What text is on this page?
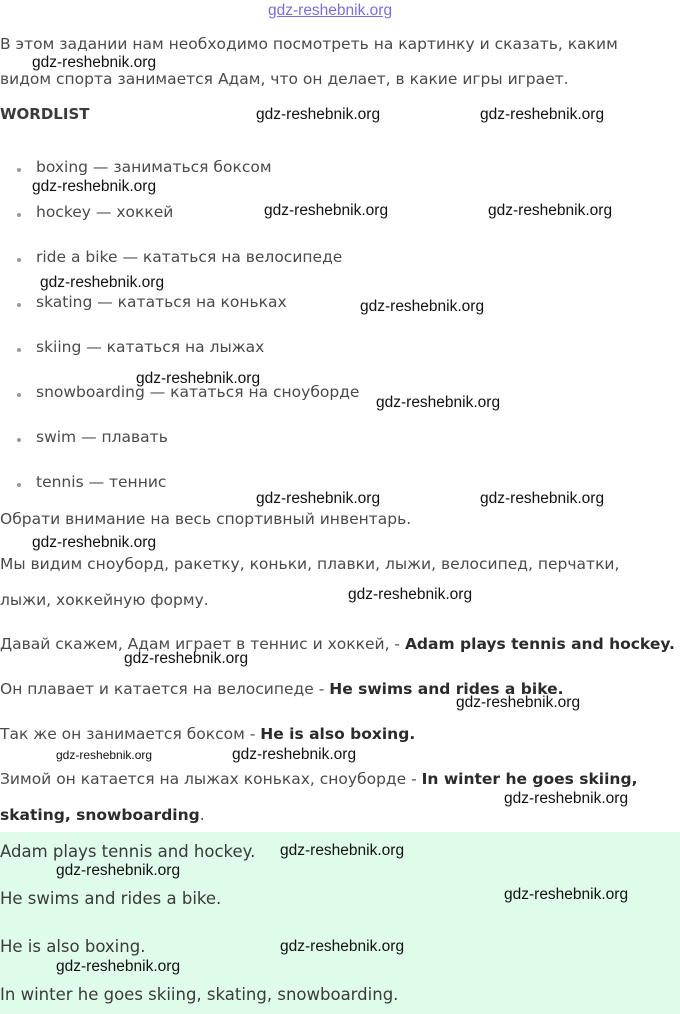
gdz-reshebnik.org
В этом задании нам необходимо посмотреть на картинку и сказать, каким
видом спорта занимается Адам, что он делает, в какие игры играет.
WORDLIST
boxing — заниматься боксом
hockey — хоккей
ride a bike — кататься на велосипеде
skating — кататься на коньках
skiing — кататься на лыжах
snowboarding — кататься на сноуборде
swim — плавать
tennis — теннис
Обрати внимание на весь спортивный инвентарь.
Мы видим сноуборд, ракетку, коньки, плавки, лыжи, велосипед, перчатки,
лыжи, хоккейную форму.
Давай скажем, Адам играет в теннис и хоккей, - Adam plays tennis and hockey.
Он плавает и катается на велосипеде - He swims and rides a bike.
Так же он занимается боксом - He is also boxing.
Зимой он катается на лыжах коньках, сноуборде - In winter he goes skiing,
skating, snowboarding.
Adam plays tennis and hockey.
He swims and rides a bike.
He is also boxing.
In winter he goes skiing, skating, snowboarding.
gdz-reshebnik.org
gdz-reshebnik.org	gdz-reshebnik.org
gdz-reshebnik.org
gdz-reshebnik.org	gdz-reshebnik.org
gdz-reshebnik.org
gdz-reshebnik.org
gdz-reshebnik.org
gdz-reshebnik.org
gdz-reshebnik.org	gdz-reshebnik.org
gdz-reshebnik.org
gdz-reshebnik.org
gdz-reshebnik.org
gdz-reshebnik.org
gdz-reshebnik.org	gdz-reshebnik.org
gdz-reshebnik.org
gdz-reshebnik.org
gdz-reshebnik.org
gdz-reshebnik.org
gdz-reshebnik.org
gdz-reshebnik.org
